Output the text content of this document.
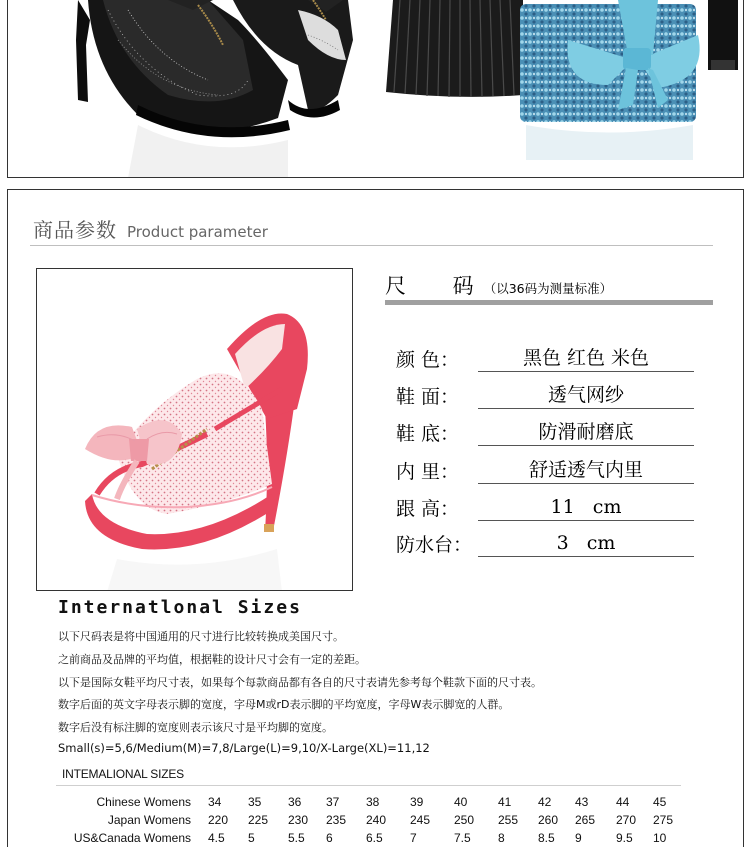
商品参数 Product parameter
尺 码
（以36码为测量标准）
颜 色：	黑色 红色 米色
鞋 面：	透气网纱
鞋 底：	防滑耐磨底
内 里：	舒适透气内里
跟 高：	11   cm
防水台：	3   cm
Internatlonal Sizes
以下尺码表是将中国通用的尺寸进行比较转换成美国尺寸。
之前商品及品牌的平均值，根据鞋的设计尺寸会有一定的差距。
以下是国际女鞋平均尺寸表，如果每个每款商品都有各自的尺寸表请先参考每个鞋款下面的尺寸表。
数字后面的英文字母表示脚的宽度，字母M或rD表示脚的平均宽度，字母W表示脚宽的人群。
数字后没有标注脚的宽度则表示该尺寸是平均脚的宽度。
Small(s)=5,6/Medium(M)=7,8/Large(L)=9,10/X-Large(XL)=11,12
INTEMALIONAL SIZES
Chinese Womens 34	35	36	37	38	39	40	41	42	43	44	45
Japan Womens 220	225	230	235	240	245	250	255	260	265	270	275
US&Canada Womens 4.5	5	5.5	6	6.5	7	7.5	8	8.5	9	9.5	10
